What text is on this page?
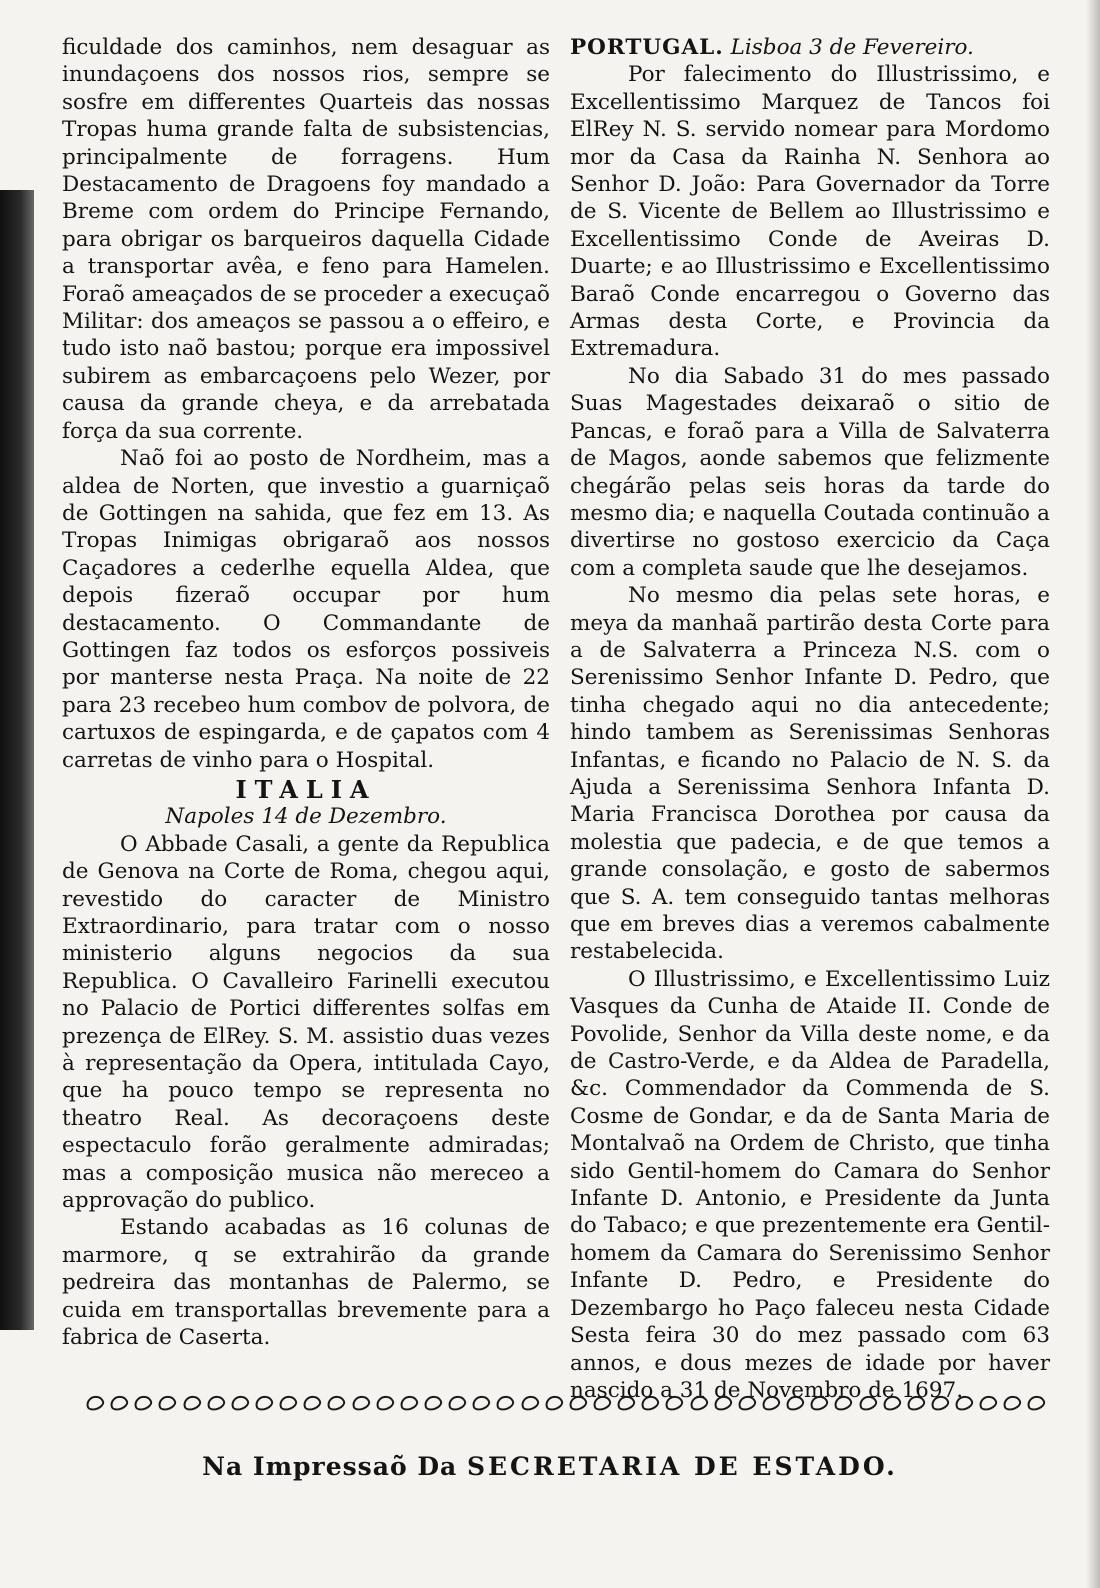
ficuldade dos caminhos, nem desaguar as inundaçoens dos nossos rios, sempre se sosfre em differentes Quarteis das nossas Tropas huma grande falta de subsistencias, principalmente de forragens. Hum Destacamento de Dragoens foy mandado a Breme com ordem do Principe Fernando, para obrigar os barqueiros daquella Cidade a transportar avêa, e feno para Hamelen. Foraõ ameaçados de se proceder a execuçaõ Militar: dos ameaços se passou a o effeiro, e tudo isto naõ bastou; porque era impossivel subirem as embarcaçoens pelo Wezer, por causa da grande cheya, e da arrebatada força da sua corrente.

Naõ foi ao posto de Nordheim, mas a aldea de Norten, que investio a guarniçaõ de Gottingen na sahida, que fez em 13. As Tropas Inimigas obrigaraõ aos nossos Caçadores a cederlhe equella Aldea, que depois fizeraõ occupar por hum destacamento. O Commandante de Gottingen faz todos os esforços possiveis por manterse nesta Praça. Na noite de 22 para 23 recebeo hum combov de polvora, de cartuxos de espingarda, e de çapatos com 4 carretas de vinho para o Hospital.

ITALIA
Napoles 14 de Dezembro.

O Abbade Casali, a gente da Republica de Genova na Corte de Roma, chegou aqui, revestido do caracter de Ministro Extraordinario, para tratar com o nosso ministerio alguns negocios da sua Republica. O Cavalleiro Farinelli executou no Palacio de Portici differentes solfas em prezença de ElRey. S. M. assistio duas vezes à representação da Opera, intitulada Cayo, que ha pouco tempo se representa no theatro Real. As decoraçoens deste espectaculo forão geralmente admiradas; mas a composição musica não mereceo a approvação do publico.

Estando acabadas as 16 colunas de marmore, q se extrahirão da grande pedreira das montanhas de Palermo, se cuida em transportallas brevemente para a fabrica de Caserta.

PORTUGAL. Lisboa 3 de Fevereiro.

Por falecimento do Illustrissimo, e Excellentissimo Marquez de Tancos foi ElRey N. S. servido nomear para Mordomo mor da Casa da Rainha N. Senhora ao Senhor D. João: Para Governador da Torre de S. Vicente de Bellem ao Illustrissimo e Excellentissimo Conde de Aveiras D. Duarte; e ao Illustrissimo e Excellentissimo Baraõ Conde encarregou o Governo das Armas desta Corte, e Provincia da Extremadura.

No dia Sabado 31 do mes passado Suas Magestades deixaraõ o sitio de Pancas, e foraõ para a Villa de Salvaterra de Magos, aonde sabemos que felizmente chegárão pelas seis horas da tarde do mesmo dia; e naquella Coutada continuão a divertirse no gostoso exercicio da Caça com a completa saude que lhe desejamos.

No mesmo dia pelas sete horas, e meya da manhaã partirão desta Corte para a de Salvaterra a Princeza N.S. com o Serenissimo Senhor Infante D. Pedro, que tinha chegado aqui no dia antecedente; hindo tambem as Serenissimas Senhoras Infantas, e ficando no Palacio de N. S. da Ajuda a Serenissima Senhora Infanta D. Maria Francisca Dorothea por causa da molestia que padecia, e de que temos a grande consolação, e gosto de sabermos que S. A. tem conseguido tantas melhoras que em breves dias a veremos cabalmente restabelecida.

O Illustrissimo, e Excellentissimo Luiz Vasques da Cunha de Ataide II. Conde de Povolide, Senhor da Villa deste nome, e da de Castro-Verde, e da Aldea de Paradella, &c. Commendador da Commenda de S. Cosme de Gondar, e da de Santa Maria de Montalvaõ na Ordem de Christo, que tinha sido Gentil-homem do Camara do Senhor Infante D. Antonio, e Presidente da Junta do Tabaco; e que prezentemente era Gentil-homem da Camara do Serenissimo Senhor Infante D. Pedro, e Presidente do Dezembargo ho Paço faleceu nesta Cidade Sesta feira 30 do mez passado com 63 annos, e dous mezes de idade por haver nascido a 31 de Novembro de 1697.

Na Impressaõ Da SECRETARIA DE ESTADO.
